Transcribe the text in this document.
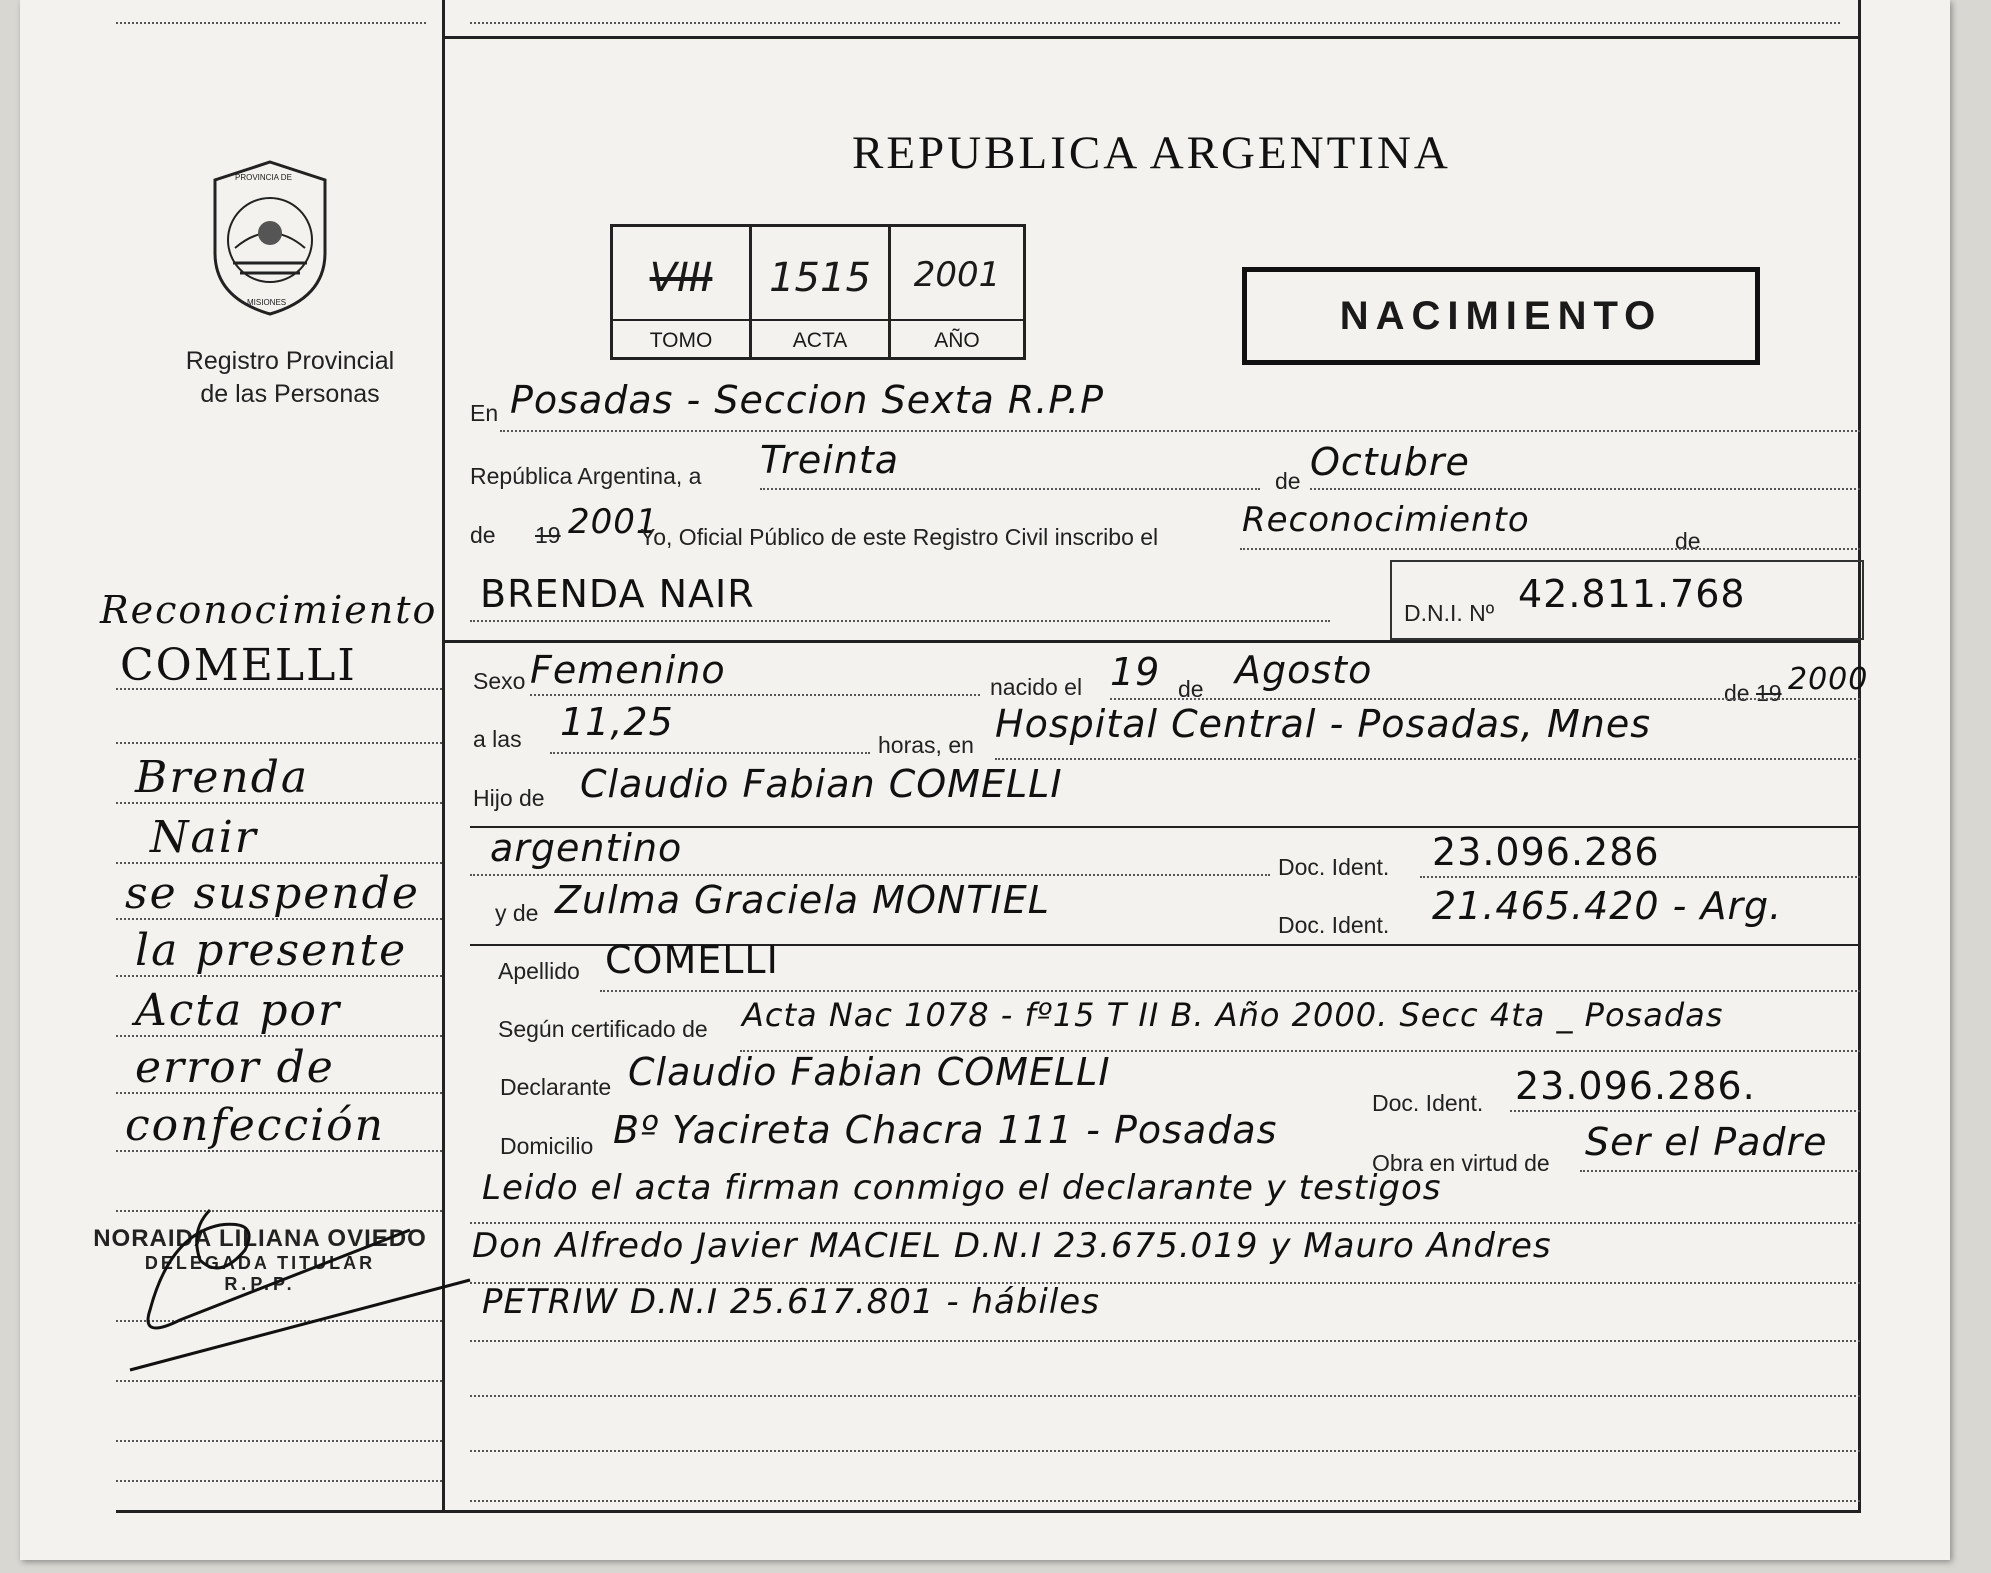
PROVINCIA DE
MISIONES
Registro Provincial
de las Personas
REPUBLICA ARGENTINA
VIII
TOMO
1515
ACTA
2001
AÑO
NACIMIENTO
En Posadas - Seccion Sexta R.P.P
República Argentina, a Treinta	de Octubre
de 19 2001
Yo, Oficial Público de este Registro Civil inscribo el Reconocimiento
de
BRENDA NAIR	D.N.I. Nº 42.811.768
Sexo Femenino	nacido el 19 de Agosto
de 19 2000
a las 11,25
horas, en Hospital Central - Posadas, Mnes
Hijo de Claudio Fabian COMELLI
argentino	Doc. Ident. 23.096.286
y de Zulma Graciela MONTIEL
Doc. Ident. 21.465.420 - Arg.
Apellido COMELLI
Según certificado de Acta Nac 1078 - fº15 T II B. Año 2000. Secc 4ta _ Posadas
Declarante Claudio Fabian COMELLI
Doc. Ident. 23.096.286.
Domicilio Bº Yacireta Chacra 111 - Posadas
Obra en virtud de Ser el Padre
Leido el acta firman conmigo el declarante y testigos
Don Alfredo Javier MACIEL D.N.I 23.675.019 y Mauro Andres
PETRIW D.N.I 25.617.801 - hábiles
Reconocimiento
COMELLI
Brenda
Nair
se suspende
la presente
Acta por
error de
confección
NORAIDA LILIANA OVIEDO
DELEGADA TITULAR
R.P.P.
